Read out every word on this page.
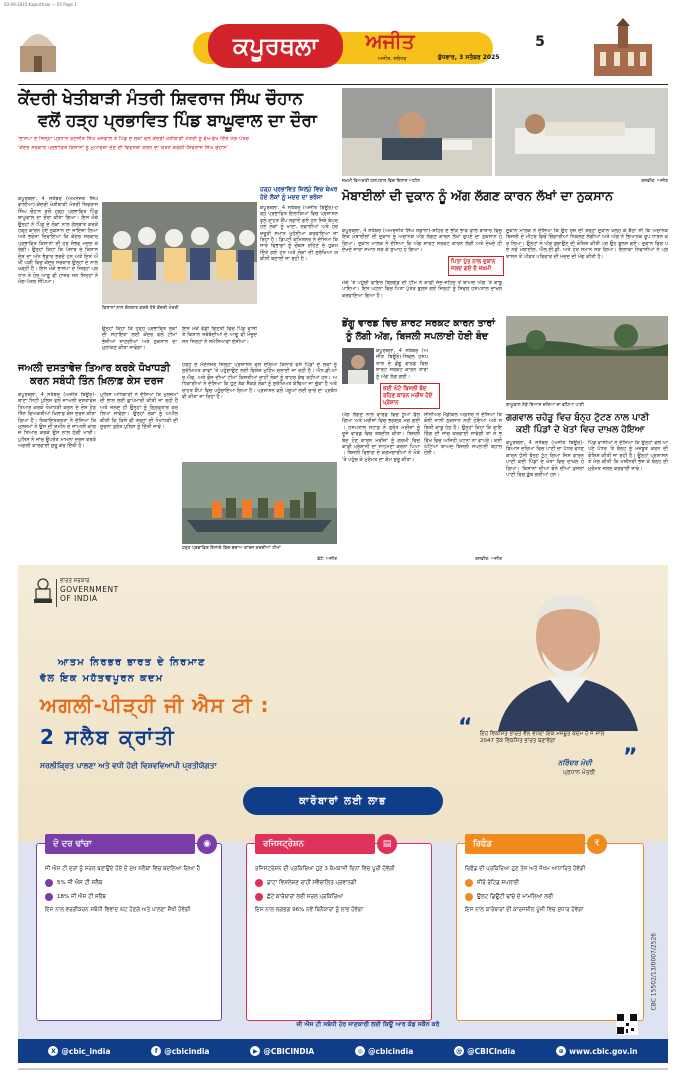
03-09-2025 Kapurthala — 05 Page 1
ਕਪੂਰਥਲਾ ਅਜੀਤ
ਅਜੀਤ, ਜਲੰਧਰ	ਬੁੱਧਵਾਰ, 3 ਸਤੰਬਰ 2025
5
ਕੇਂਦਰੀ ਖੇਤੀਬਾੜੀ ਮੰਤਰੀ ਸ਼ਿਵਰਾਜ ਸਿੰਘ ਚੌਹਾਨ
ਵਲੋਂ ਹੜ੍ਹ ਪ੍ਰਭਾਵਿਤ ਪਿੰਡ ਬਾਘੂਵਾਲ ਦਾ ਦੌਰਾ
'ਭਾਜਪਾ ਦੇ ਜ਼ਿਲ੍ਹਾ ਪ੍ਰਧਾਨ ਰਣਜੀਤ ਸਿੰਘ ਖੋਜੇਵਾਲ ਤੇ ਪਿੰਡ ਦੇ ਲੋਕਾਂ ਵਲੋਂ ਕੇਂਦਰੀ ਖੇਤੀਬਾੜੀ ਮੰਤਰੀ ਨੂੰ ਵੱਖ-ਵੱਖ ਦਿੱਤੇ ਮੰਗ-ਪੱਤਰ
'ਕੇਂਦਰ ਸਰਕਾਰ ਪ੍ਰਭਾਵਿਤ ਕਿਸਾਨਾਂ ਨੂੰ ਮੁਆਵਜ਼ਾ ਦੇਣ ਦੀ ਵਿਵਸਥਾ ਕਰਨ ਦਾ ਯਤਨ ਕਰੇਗੀ-ਸ਼ਿਵਰਾਜ ਸਿੰਘ ਚੌਹਾਨ'
ਕਪੂਰਥਲਾ, 4 ਸਤੰਬਰ (ਅਮਨਜੋਤ ਸਿੰਘ ਵਾਲੀਆ)-ਕੇਂਦਰੀ ਖੇਤੀਬਾੜੀ ਮੰਤਰੀ ਸ਼ਿਵਰਾਜ ਸਿੰਘ ਚੌਹਾਨ ਵਲੋਂ ਹੜ੍ਹ ਪ੍ਰਭਾਵਿਤ ਪਿੰਡ ਬਾਘੂਵਾਲ ਦਾ ਦੌਰਾ ਕੀਤਾ ਗਿਆ। ਇਸ ਮੌਕੇ ਉਨ੍ਹਾਂ ਨੇ ਪਿੰਡ ਦੇ ਲੋਕਾਂ ਨਾਲ ਗੱਲਬਾਤ ਕਰਕੇ ਹੜ੍ਹ ਕਾਰਨ ਹੋਏ ਨੁਕਸਾਨ ਦਾ ਜਾਇਜ਼ਾ ਲਿਆ ਅਤੇ ਭਰੋਸਾ ਦਿਵਾਇਆ ਕਿ ਕੇਂਦਰ ਸਰਕਾਰ ਪ੍ਰਭਾਵਿਤ ਕਿਸਾਨਾਂ ਦੀ ਹਰ ਸੰਭਵ ਮਦਦ ਕਰੇਗੀ। ਉਨ੍ਹਾਂ ਕਿਹਾ ਕਿ ਪੰਜਾਬ ਦੇ ਕਿਸਾਨ ਦੇਸ਼ ਦਾ ਅੰਨ ਭੰਡਾਰ ਭਰਦੇ ਹਨ ਅਤੇ ਇਸ ਔਖੀ ਘੜੀ ਵਿਚ ਕੇਂਦਰ ਸਰਕਾਰ ਉਨ੍ਹਾਂ ਦੇ ਨਾਲ ਖੜ੍ਹੀ ਹੈ। ਇਸ ਮੌਕੇ ਭਾਜਪਾ ਦੇ ਜ਼ਿਲ੍ਹਾ ਪ੍ਰਧਾਨ ਤੇ ਹੋਰ ਆਗੂ ਵੀ ਹਾਜ਼ਰ ਸਨ ਜਿਨ੍ਹਾਂ ਨੇ ਮੰਗ-ਪੱਤਰ ਸੌਂਪਿਆ।
ਕਿਸਾਨਾਂ ਨਾਲ ਗੱਲਬਾਤ ਕਰਦੇ ਹੋਏ ਕੇਂਦਰੀ ਮੰਤਰੀ
ਉਨ੍ਹਾਂ ਕਿਹਾ ਕਿ ਹੜ੍ਹ ਪ੍ਰਭਾਵਿਤ ਲੋਕਾਂ ਦੀ ਸਹਾਇਤਾ ਲਈ ਕੇਂਦਰ ਵਲੋਂ ਟੀਮਾਂ ਭੇਜੀਆਂ ਜਾਣਗੀਆਂ ਅਤੇ ਨੁਕਸਾਨ ਦਾ ਮੁਲਾਂਕਣ ਕੀਤਾ ਜਾਵੇਗਾ।
ਇਸ ਮੌਕੇ ਵੱਡੀ ਗਿਣਤੀ ਵਿਚ ਪਿੰਡ ਵਾਸੀ ਤੇ ਕਿਸਾਨ ਜਥੇਬੰਦੀਆਂ ਦੇ ਆਗੂ ਵੀ ਮੌਜੂਦ ਸਨ ਜਿਨ੍ਹਾਂ ਨੇ ਸਮੱਸਿਆਵਾਂ ਦੱਸੀਆਂ।
ਹੜ੍ਹ ਪ੍ਰਭਾਵਿਤ ਜ਼ਿਲ੍ਹੇ ਵਿਚ ਬੇਘਰ ਹੋਏ ਲੋਕਾਂ ਨੂੰ ਮਦਦ ਦਾ ਭਰੋਸਾ
ਕਪੂਰਥਲਾ, 4 ਸਤੰਬਰ (ਅਜੀਤ ਬਿਊਰੋ)-ਹੜ੍ਹ ਪ੍ਰਭਾਵਿਤ ਇਲਾਕਿਆਂ ਵਿਚ ਪ੍ਰਸ਼ਾਸਨ ਵਲੋਂ ਰਾਹਤ ਕੈਂਪ ਲਗਾਏ ਗਏ ਹਨ ਜਿਥੇ ਬੇਘਰ ਹੋਏ ਲੋਕਾਂ ਨੂੰ ਖਾਣਾ, ਦਵਾਈਆਂ ਅਤੇ ਹੋਰ ਜ਼ਰੂਰੀ ਸਮਾਨ ਮੁਹੱਈਆ ਕਰਵਾਇਆ ਜਾ ਰਿਹਾ ਹੈ। ਡਿਪਟੀ ਕਮਿਸ਼ਨਰ ਨੇ ਦੱਸਿਆ ਕਿ ਸਾਰੇ ਵਿਭਾਗਾਂ ਨੂੰ ਚੌਕਸ ਰਹਿਣ ਦੇ ਹੁਕਮ ਦਿੱਤੇ ਗਏ ਹਨ ਅਤੇ ਲੋਕਾਂ ਦੀ ਸੁਰੱਖਿਆ ਯਕੀਨੀ ਬਣਾਈ ਜਾ ਰਹੀ ਹੈ।
ਜਅਲੀ ਦਸਤਾਵੇਜ਼ ਤਿਆਰ ਕਰਕੇ ਧੋਖਾਧੜੀ
ਕਰਨ ਸਬੰਧੀ ਤਿੰਨ ਖ਼ਿਲਾਫ਼ ਕੇਸ ਦਰਜ
ਕਪੂਰਥਲਾ, 4 ਸਤੰਬਰ (ਅਜੀਤ ਬਿਊਰੋ)-ਥਾਣਾ ਸਿਟੀ ਪੁਲਿਸ ਵਲੋਂ ਜਾਅਲੀ ਦਸਤਾਵੇਜ਼ ਤਿਆਰ ਕਰਕੇ ਧੋਖਾਧੜੀ ਕਰਨ ਦੇ ਦੋਸ਼ ਹੇਠ ਤਿੰਨ ਵਿਅਕਤੀਆਂ ਖ਼ਿਲਾਫ਼ ਕੇਸ ਦਰਜ ਕੀਤਾ ਗਿਆ ਹੈ। ਸ਼ਿਕਾਇਤਕਰਤਾ ਨੇ ਦੱਸਿਆ ਕਿ ਮੁਲਜ਼ਮਾਂ ਨੇ ਉਸ ਦੀ ਜ਼ਮੀਨ ਦੇ ਜਾਅਲੀ ਕਾਗਜ਼ ਤਿਆਰ ਕਰਕੇ ਉਸ ਨਾਲ ਠੱਗੀ ਮਾਰੀ। ਪੁਲਿਸ ਨੇ ਜਾਂਚ ਉਪਰੰਤ ਮਾਮਲਾ ਦਰਜ ਕਰਕੇ ਅਗਲੀ ਕਾਰਵਾਈ ਸ਼ੁਰੂ ਕਰ ਦਿੱਤੀ ਹੈ।
ਪੁਲਿਸ ਅਧਿਕਾਰੀ ਨੇ ਦੱਸਿਆ ਕਿ ਮੁਲਜ਼ਮਾਂ ਦੀ ਭਾਲ ਲਈ ਛਾਪੇਮਾਰੀ ਕੀਤੀ ਜਾ ਰਹੀ ਹੈ ਅਤੇ ਜਲਦ ਹੀ ਉਨ੍ਹਾਂ ਨੂੰ ਗ੍ਰਿਫ਼ਤਾਰ ਕਰ ਲਿਆ ਜਾਵੇਗਾ। ਉਨ੍ਹਾਂ ਲੋਕਾਂ ਨੂੰ ਅਪੀਲ ਕੀਤੀ ਕਿ ਕਿਸੇ ਵੀ ਤਰ੍ਹਾਂ ਦੀ ਧੋਖਾਧੜੀ ਦੀ ਸੂਚਨਾ ਤੁਰੰਤ ਪੁਲਿਸ ਨੂੰ ਦਿੱਤੀ ਜਾਵੇ।
ਹੜ੍ਹ ਦੇ ਮੱਦੇਨਜ਼ਰ ਜ਼ਿਲ੍ਹਾ ਪ੍ਰਸ਼ਾਸਨ ਵਲੋਂ ਦਰਿਆ ਕਿਨਾਰੇ ਵਸੇ ਪਿੰਡਾਂ ਦੇ ਲੋਕਾਂ ਨੂੰ ਸੁਰੱਖਿਅਤ ਥਾਵਾਂ 'ਤੇ ਪਹੁੰਚਾਉਣ ਲਈ ਵਿਸ਼ੇਸ਼ ਮੁਹਿੰਮ ਚਲਾਈ ਜਾ ਰਹੀ ਹੈ। ਐਨ.ਡੀ.ਆਰ.ਐਫ. ਅਤੇ ਫ਼ੌਜ ਦੀਆਂ ਟੀਮਾਂ ਕਿਸ਼ਤੀਆਂ ਰਾਹੀਂ ਲੋਕਾਂ ਨੂੰ ਬਾਹਰ ਕੱਢ ਰਹੀਆਂ ਹਨ। ਅਧਿਕਾਰੀਆਂ ਨੇ ਦੱਸਿਆ ਕਿ ਹੁਣ ਤੱਕ ਸੈਂਕੜੇ ਲੋਕਾਂ ਨੂੰ ਸੁਰੱਖਿਅਤ ਕੱਢਿਆ ਜਾ ਚੁੱਕਾ ਹੈ ਅਤੇ ਰਾਹਤ ਕੈਂਪਾਂ ਵਿਚ ਪਹੁੰਚਾਇਆ ਗਿਆ ਹੈ। ਪ੍ਰਸ਼ਾਸਨ ਵਲੋਂ ਪਸ਼ੂਆਂ ਲਈ ਚਾਰੇ ਦਾ ਪ੍ਰਬੰਧ ਵੀ ਕੀਤਾ ਜਾ ਰਿਹਾ ਹੈ।
ਹੜ੍ਹ ਪ੍ਰਭਾਵਿਤ ਇਲਾਕੇ ਵਿਚ ਬਚਾਅ ਕਾਰਜ ਕਰਦੀਆਂ ਟੀਮਾਂ
ਫੋਟੋ: ਅਜੀਤ
ਜ਼ਖ਼ਮੀ ਵਿਅਕਤੀ ਹਸਪਤਾਲ ਵਿਚ ਇਲਾਜ ਅਧੀਨ	ਤਸਵੀਰ: ਅਜੀਤ
ਮੋਬਾਈਲਾਂ ਦੀ ਦੁਕਾਨ ਨੂੰ ਅੱਗ ਲੱਗਣ ਕਾਰਨ ਲੱਖਾਂ ਦਾ ਨੁਕਸਾਨ
ਕਪੂਰਥਲਾ, 4 ਸਤੰਬਰ (ਅਮਰਜੀਤ ਸਿੰਘ ਸਡਾਨਾ)-ਸ਼ਹਿਰ ਦੇ ਭੀੜ ਭਾੜ ਵਾਲੇ ਬਾਜ਼ਾਰ ਵਿਚ ਇਕ ਮੋਬਾਈਲਾਂ ਦੀ ਦੁਕਾਨ ਨੂੰ ਅਚਾਨਕ ਅੱਗ ਲੱਗਣ ਕਾਰਨ ਲੱਖਾਂ ਰੁਪਏ ਦਾ ਨੁਕਸਾਨ ਹੋ ਗਿਆ। ਦੁਕਾਨ ਮਾਲਕ ਨੇ ਦੱਸਿਆ ਕਿ ਅੱਗ ਸ਼ਾਰਟ ਸਰਕਟ ਕਾਰਨ ਲੱਗੀ ਅਤੇ ਦੇਖਦੇ ਹੀ ਦੇਖਦੇ ਸਾਰਾ ਸਮਾਨ ਸੜ ਕੇ ਸੁਆਹ ਹੋ ਗਿਆ।
ਪਿਤਾ ਪੁੱਤ ਨਾਲ ਦੁਕਾਨ ਜਲਦ ਗਏ ਦੋ ਜ਼ਖ਼ਮੀ
ਮੌਕੇ 'ਤੇ ਪਹੁੰਚੀ ਫਾਇਰ ਬ੍ਰਿਗੇਡ ਦੀ ਟੀਮ ਨੇ ਕਾਫ਼ੀ ਜੱਦੋ-ਜਹਿਦ ਤੋਂ ਬਾਅਦ ਅੱਗ 'ਤੇ ਕਾਬੂ ਪਾਇਆ। ਇਸ ਘਟਨਾ ਵਿਚ ਪਿਤਾ ਪੁੱਤਰ ਝੁਲਸ ਗਏ ਜਿਨ੍ਹਾਂ ਨੂੰ ਸਿਵਲ ਹਸਪਤਾਲ ਦਾਖ਼ਲ ਕਰਵਾਇਆ ਗਿਆ ਹੈ।
ਦੁਕਾਨ ਮਾਲਕ ਨੇ ਦੱਸਿਆ ਕਿ ਉਹ ਰੋਜ਼ ਦੀ ਤਰ੍ਹਾਂ ਦੁਕਾਨ ਖੋਲ੍ਹ ਕੇ ਬੈਠਾ ਸੀ ਕਿ ਅਚਾਨਕ ਬਿਜਲੀ ਦੇ ਮੀਟਰ ਵਿਚੋਂ ਚਿੰਗਾਰੀਆਂ ਨਿਕਲਣ ਲੱਗੀਆਂ ਅਤੇ ਅੱਗ ਨੇ ਭਿਆਨਕ ਰੂਪ ਧਾਰਨ ਕਰ ਲਿਆ। ਉਨ੍ਹਾਂ ਨੇ ਅੱਗ ਬੁਝਾਉਣ ਦੀ ਕੋਸ਼ਿਸ਼ ਕੀਤੀ ਪਰ ਉਹ ਝੁਲਸ ਗਏ। ਦੁਕਾਨ ਵਿਚ ਪਏ ਨਵੇਂ ਮੋਬਾਈਲ, ਐਲ.ਈ.ਡੀ. ਅਤੇ ਹੋਰ ਸਮਾਨ ਸੜ ਗਿਆ। ਇਲਾਕਾ ਨਿਵਾਸੀਆਂ ਨੇ ਪ੍ਰਸ਼ਾਸਨ ਤੋਂ ਪੀੜਤ ਪਰਿਵਾਰ ਦੀ ਮਦਦ ਦੀ ਮੰਗ ਕੀਤੀ ਹੈ।
ਡੇਂਗੂ ਵਾਰਡ ਵਿਚ ਸ਼ਾਰਟ ਸਰਕਟ ਕਾਰਨ ਤਾਰਾਂ
ਨੂੰ ਲੱਗੀ ਅੱਗ, ਬਿਜਲੀ ਸਪਲਾਈ ਹੋਈ ਬੰਦ
ਕਪੂਰਥਲਾ, 4 ਸਤੰਬਰ (ਅਜੀਤ ਬਿਊਰੋ)-ਸਿਵਲ ਹਸਪਤਾਲ ਦੇ ਡੇਂਗੂ ਵਾਰਡ ਵਿਚ ਸ਼ਾਰਟ ਸਰਕਟ ਕਾਰਨ ਤਾਰਾਂ ਨੂੰ ਅੱਗ ਲੱਗ ਗਈ।
ਕਈ ਘੰਟੇ ਬਿਜਲੀ ਬੰਦ ਰਹਿਣ ਕਾਰਨ ਮਰੀਜ਼ ਹੋਏ ਪ੍ਰੇਸ਼ਾਨ
ਅੱਗ ਲੱਗਣ ਨਾਲ ਵਾਰਡ ਵਿਚ ਧੂੰਆਂ ਫੈਲ ਗਿਆ ਅਤੇ ਮਰੀਜ਼ਾਂ ਵਿਚ ਭਗਦੜ ਮਚ ਗਈ। ਹਸਪਤਾਲ ਸਟਾਫ਼ ਨੇ ਤੁਰੰਤ ਮਰੀਜ਼ਾਂ ਨੂੰ ਦੂਜੇ ਵਾਰਡ ਵਿਚ ਤਬਦੀਲ ਕੀਤਾ। ਬਿਜਲੀ ਬੰਦ ਹੋਣ ਕਾਰਨ ਮਰੀਜ਼ਾਂ ਨੂੰ ਗਰਮੀ ਵਿਚ ਕਾਫ਼ੀ ਪ੍ਰੇਸ਼ਾਨੀ ਦਾ ਸਾਹਮਣਾ ਕਰਨਾ ਪਿਆ। ਬਿਜਲੀ ਵਿਭਾਗ ਦੇ ਕਰਮਚਾਰੀਆਂ ਨੇ ਮੌਕੇ 'ਤੇ ਪਹੁੰਚ ਕੇ ਮੁਰੰਮਤ ਦਾ ਕੰਮ ਸ਼ੁਰੂ ਕੀਤਾ।
ਸੀਨੀਅਰ ਮੈਡੀਕਲ ਅਫ਼ਸਰ ਨੇ ਦੱਸਿਆ ਕਿ ਕੋਈ ਜਾਨੀ ਨੁਕਸਾਨ ਨਹੀਂ ਹੋਇਆ ਅਤੇ ਸਥਿਤੀ ਕਾਬੂ ਹੇਠ ਹੈ। ਉਨ੍ਹਾਂ ਕਿਹਾ ਕਿ ਵਾਇਰਿੰਗ ਦੀ ਜਾਂਚ ਕਰਵਾਈ ਜਾਵੇਗੀ ਤਾਂ ਜੋ ਭਵਿੱਖ ਵਿਚ ਅਜਿਹੀ ਘਟਨਾ ਨਾ ਵਾਪਰੇ। ਕਈ ਘੰਟਿਆਂ ਬਾਅਦ ਬਿਜਲੀ ਸਪਲਾਈ ਬਹਾਲ ਹੋਈ।
ਤਸਵੀਰ: ਅਜੀਤ
ਬਾਘੂਵਾਲ ਨੇੜੇ ਬਿਆਸ ਦਰਿਆ ਦਾ ਵਧਿਆ ਪਾਣੀ
ਗਗਵਾਲ ਚਹੇੜੂ ਵਿਚ ਬੰਨ੍ਹ ਟੁੱਟਣ ਨਾਲ ਪਾਣੀ
ਕਈ ਪਿੰਡਾਂ ਦੇ ਖੇਤਾਂ ਵਿਚ ਦਾਖ਼ਲ ਹੋਇਆ
ਕਪੂਰਥਲਾ, 4 ਸਤੰਬਰ (ਅਜੀਤ ਬਿਊਰੋ)-ਬਿਆਸ ਦਰਿਆ ਵਿਚ ਪਾਣੀ ਦਾ ਪੱਧਰ ਵਧਣ ਕਾਰਨ ਧੁੱਸੀ ਬੰਨ੍ਹ ਟੁੱਟ ਗਿਆ ਜਿਸ ਕਾਰਨ ਪਾਣੀ ਕਈ ਪਿੰਡਾਂ ਦੇ ਖੇਤਾਂ ਵਿਚ ਦਾਖ਼ਲ ਹੋ ਗਿਆ। ਕਿਸਾਨਾਂ ਦੀਆਂ ਝੋਨੇ ਦੀਆਂ ਫ਼ਸਲਾਂ ਪਾਣੀ ਵਿਚ ਡੁੱਬ ਗਈਆਂ ਹਨ।
ਪਿੰਡ ਵਾਸੀਆਂ ਨੇ ਦੱਸਿਆ ਕਿ ਉਨ੍ਹਾਂ ਵਲੋਂ ਆਪਣੇ ਪੱਧਰ 'ਤੇ ਬੰਨ੍ਹ ਨੂੰ ਮਜ਼ਬੂਤ ਕਰਨ ਦੀ ਕੋਸ਼ਿਸ਼ ਕੀਤੀ ਜਾ ਰਹੀ ਹੈ। ਉਨ੍ਹਾਂ ਪ੍ਰਸ਼ਾਸਨ ਤੋਂ ਮੰਗ ਕੀਤੀ ਕਿ ਮਸ਼ੀਨਰੀ ਭੇਜ ਕੇ ਬੰਨ੍ਹ ਦੀ ਮੁਰੰਮਤ ਜਲਦ ਕਰਵਾਈ ਜਾਵੇ।
ਭਾਰਤ ਸਰਕਾਰ
GOVERNMENT
OF INDIA
ਆਤਮ ਨਿਰਭਰ ਭਾਰਤ ਦੇ ਨਿਰਮਾਣ
ਵੱਲ ਇਕ ਮਹੱਤਵਪੂਰਨ ਕਦਮ
ਅਗਲੀ-ਪੀੜ੍ਹੀ ਜੀ ਐਸ ਟੀ :
2 ਸਲੈਬ ਕ੍ਰਾਂਤੀ
ਸਰਲੀਕ੍ਰਿਤ ਪਾਲਣਾ ਅਤੇ ਵਧੀ ਹੋਈ ਵਿਸ਼ਵਵਿਆਪੀ ਪ੍ਰਤੀਯੋਗਤਾ
“	ਇਹ ਵਿਕਸਿਤ ਭਾਰਤ ਵੱਲ ਵਧਦਾ ਇਕ ਮਜ਼ਬੂਤ ਕਦਮ ਹੈ ਜੋ ਸਾਲ 2047 ਤੱਕ ਵਿਕਸਿਤ ਭਾਰਤ ਬਣਾਵੇਗਾ
”
ਨਰਿੰਦਰ ਮੋਦੀ
ਪ੍ਰਧਾਨ ਮੰਤਰੀ
ਕਾਰੋਬਾਰਾਂ ਲਈ ਲਾਭ
ਦੋ ਦਰ ਢਾਂਚਾ	◉
ਜੀ ਐਸ ਟੀ ਦਰਾਂ ਨੂੰ ਸਰਲ ਬਣਾਉਂਦੇ ਹੋਏ ਦੋ ਮੁੱਖ ਸਲੈਬਾਂ ਵਿਚ ਬਦਲਿਆ ਗਿਆ ਹੈ
5% ਜੀ ਐਸ ਟੀ ਸਲੈਬ
18% ਜੀ ਐਸ ਟੀ ਸਲੈਬ
ਇਸ ਨਾਲ ਵਰਗੀਕਰਨ ਸਬੰਧੀ ਵਿਵਾਦ ਘੱਟ ਹੋਣਗੇ ਅਤੇ ਪਾਲਣਾ ਸੌਖੀ ਹੋਵੇਗੀ
ਰਜਿਸਟ੍ਰੇਸ਼ਨ	▤
ਰਜਿਸਟ੍ਰੇਸ਼ਨ ਦੀ ਪ੍ਰਕਿਰਿਆ ਹੁਣ 3 ਕੰਮਕਾਜੀ ਦਿਨਾਂ ਵਿਚ ਪੂਰੀ ਹੋਵੇਗੀ
ਡਾਟਾ ਵਿਸ਼ਲੇਸ਼ਣ ਰਾਹੀਂ ਸਵੈਚਾਲਿਤ ਪ੍ਰਵਾਨਗੀ
ਛੋਟੇ ਕਾਰੋਬਾਰਾਂ ਲਈ ਸਰਲ ਪ੍ਰਕਿਰਿਆ
ਇਸ ਨਾਲ ਲਗਭਗ 96% ਨਵੇਂ ਬਿਨੈਕਾਰਾਂ ਨੂੰ ਲਾਭ ਹੋਵੇਗਾ
ਰਿਫੰਡ	₹
ਰਿਫੰਡ ਦੀ ਪ੍ਰਕਿਰਿਆ ਹੁਣ ਤੇਜ਼ ਅਤੇ ਜੋਖਮ ਆਧਾਰਿਤ ਹੋਵੇਗੀ
ਜ਼ੀਰੋ ਰੇਟਿਡ ਸਪਲਾਈ
ਉਲਟ ਡਿਊਟੀ ਢਾਂਚੇ ਦੇ ਮਾਮਲਿਆਂ ਲਈ
ਇਸ ਨਾਲ ਕਾਰੋਬਾਰਾਂ ਦੀ ਕਾਰਜਸ਼ੀਲ ਪੂੰਜੀ ਵਿਚ ਸੁਧਾਰ ਹੋਵੇਗਾ
CBC 15502/13/0007/2526
ਜੀ ਐਸ ਟੀ ਸਬੰਧੀ ਹੋਰ ਜਾਣਕਾਰੀ ਲਈ ਕਿਊ ਆਰ ਕੋਡ ਸਕੈਨ ਕਰੋ
X @cbic_india	f @cbicindia	▶ @CBICINDIA	◎ @cbicindia	@ @CBICIndia	⊕ www.cbic.gov.in
